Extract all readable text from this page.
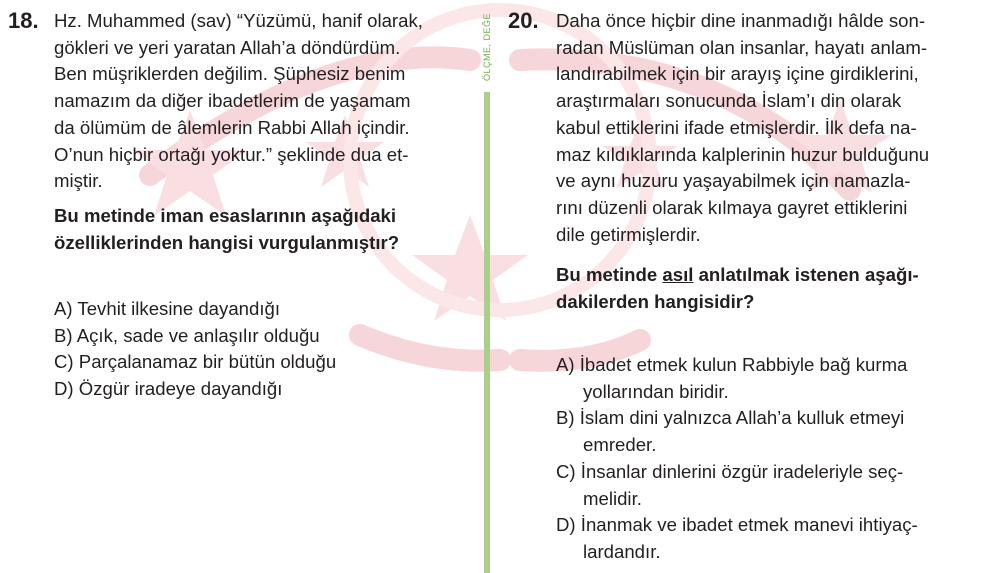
ÖLÇME, DEĞE
18. Hz. Muhammed (sav) “Yüzümü, hanif olarak,
gökleri ve yeri yaratan Allah’a döndürdüm.
Ben müşriklerden değilim. Şüphesiz benim
namazım da diğer ibadetlerim de yaşamam
da ölümüm de âlemlerin Rabbi Allah içindir.
O’nun hiçbir ortağı yoktur.” şeklinde dua et-
miştir.
Bu metinde iman esaslarının aşağıdaki
özelliklerinden hangisi vurgulanmıştır?
A) Tevhit ilkesine dayandığı
B) Açık, sade ve anlaşılır olduğu
C) Parçalanamaz bir bütün olduğu
D) Özgür iradeye dayandığı
20. Daha önce hiçbir dine inanmadığı hâlde son-
radan Müslüman olan insanlar, hayatı anlam-
landırabilmek için bir arayış içine girdiklerini,
araştırmaları sonucunda İslam’ı din olarak
kabul ettiklerini ifade etmişlerdir. İlk defa na-
maz kıldıklarında kalplerinin huzur bulduğunu
ve aynı huzuru yaşayabilmek için namazla-
rını düzenli olarak kılmaya gayret ettiklerini
dile getirmişlerdir.
Bu metinde asıl anlatılmak istenen aşağı-
dakilerden hangisidir?
A) İbadet etmek kulun Rabbiyle bağ kurma
yollarından biridir.
B) İslam dini yalnızca Allah’a kulluk etmeyi
emreder.
C) İnsanlar dinlerini özgür iradeleriyle seç-
melidir.
D) İnanmak ve ibadet etmek manevi ihtiyaç-
lardandır.
